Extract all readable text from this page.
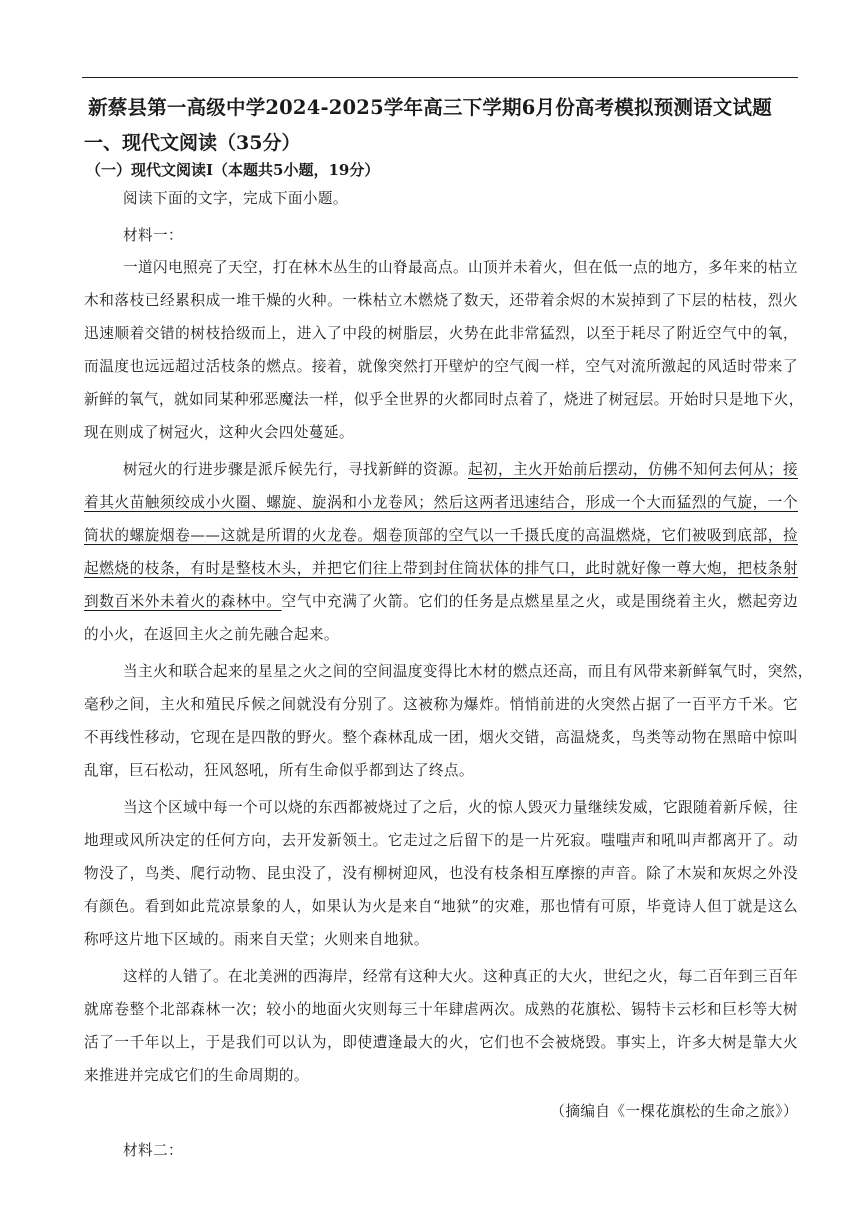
新蔡县第一高级中学2024-2025学年高三下学期6月份高考模拟预测语文试题
一、现代文阅读（35分）
（一）现代文阅读Ⅰ（本题共5小题，19分）
阅读下面的文字，完成下面小题。
材料一：
一道闪电照亮了天空，打在林木丛生的山脊最高点。山顶并未着火，但在低一点的地方，多年来的枯立
木和落枝已经累积成一堆干燥的火种。一株枯立木燃烧了数天，还带着余烬的木炭掉到了下层的枯枝，烈火
迅速顺着交错的树枝拾级而上，进入了中段的树脂层，火势在此非常猛烈，以至于耗尽了附近空气中的氧，
而温度也远远超过活枝条的燃点。接着，就像突然打开壁炉的空气阀一样，空气对流所激起的风适时带来了
新鲜的氧气，就如同某种邪恶魔法一样，似乎全世界的火都同时点着了，烧进了树冠层。开始时只是地下火，
现在则成了树冠火，这种火会四处蔓延。
树冠火的行进步骤是派斥候先行，寻找新鲜的资源。起初，主火开始前后摆动，仿佛不知何去何从；接
着其火苗触须绞成小火圈、螺旋、旋涡和小龙卷风；然后这两者迅速结合，形成一个大而猛烈的气旋，一个
筒状的螺旋烟卷——这就是所谓的火龙卷。烟卷顶部的空气以一千摄氏度的高温燃烧，它们被吸到底部，捡
起燃烧的枝条，有时是整枝木头，并把它们往上带到封住筒状体的排气口，此时就好像一尊大炮，把枝条射
到数百米外未着火的森林中。空气中充满了火箭。它们的任务是点燃星星之火，或是围绕着主火，燃起旁边
的小火，在返回主火之前先融合起来。
当主火和联合起来的星星之火之间的空间温度变得比木材的燃点还高，而且有风带来新鲜氧气时，突然，
毫秒之间，主火和殖民斥候之间就没有分别了。这被称为爆炸。悄悄前进的火突然占据了一百平方千米。它
不再线性移动，它现在是四散的野火。整个森林乱成一团，烟火交错，高温烧炙，鸟类等动物在黑暗中惊叫
乱窜，巨石松动，狂风怒吼，所有生命似乎都到达了终点。
当这个区域中每一个可以烧的东西都被烧过了之后，火的惊人毁灭力量继续发威，它跟随着新斥候，往
地理或风所决定的任何方向，去开发新领土。它走过之后留下的是一片死寂。嗤嗤声和吼叫声都离开了。动
物没了，鸟类、爬行动物、昆虫没了，没有柳树迎风，也没有枝条相互摩擦的声音。除了木炭和灰烬之外没
有颜色。看到如此荒凉景象的人，如果认为火是来自“地狱”的灾难，那也情有可原，毕竟诗人但丁就是这么
称呼这片地下区域的。雨来自天堂；火则来自地狱。
这样的人错了。在北美洲的西海岸，经常有这种大火。这种真正的大火，世纪之火，每二百年到三百年
就席卷整个北部森林一次；较小的地面火灾则每三十年肆虐两次。成熟的花旗松、锡特卡云杉和巨杉等大树
活了一千年以上，于是我们可以认为，即使遭逢最大的火，它们也不会被烧毁。事实上，许多大树是靠大火
来推进并完成它们的生命周期的。
（摘编自《一棵花旗松的生命之旅》）
材料二：
